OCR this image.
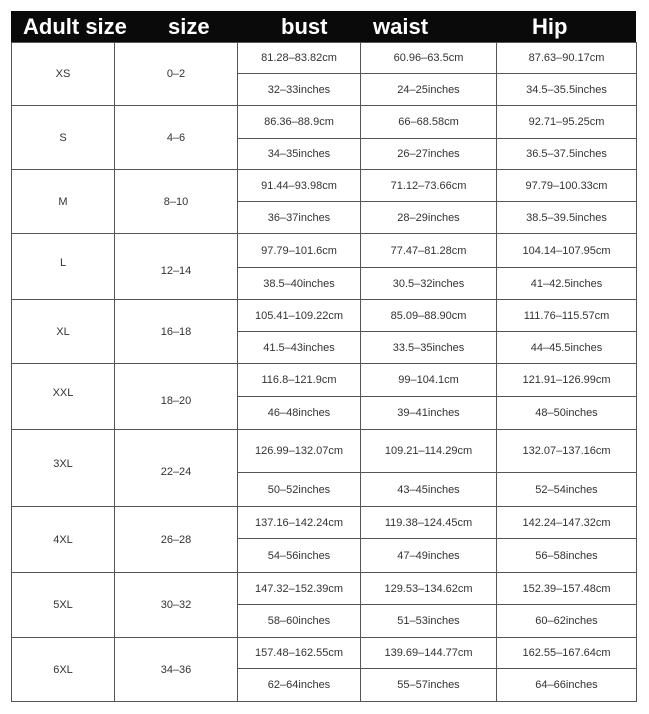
Adult size	size	bust	waist	Hip
XS	0–2	81.28–83.82cm	60.96–63.5cm	87.63–90.17cm
		32–33inches	24–25inches	34.5–35.5inches
S	4–6	86.36–88.9cm	66–68.58cm	92.71–95.25cm
		34–35inches	26–27inches	36.5–37.5inches
M	8–10	91.44–93.98cm	71.12–73.66cm	97.79–100.33cm
		36–37inches	28–29inches	38.5–39.5inches
L	12–14	97.79–101.6cm	77.47–81.28cm	104.14–107.95cm
		38.5–40inches	30.5–32inches	41–42.5inches
XL	16–18	105.41–109.22cm	85.09–88.90cm	111.76–115.57cm
		41.5–43inches	33.5–35inches	44–45.5inches
XXL	18–20	116.8–121.9cm	99–104.1cm	121.91–126.99cm
		46–48inches	39–41inches	48–50inches
3XL	22–24	126.99–132.07cm	109.21–114.29cm	132.07–137.16cm
		50–52inches	43–45inches	52–54inches
4XL	26–28	137.16–142.24cm	119.38–124.45cm	142.24–147.32cm
		54–56inches	47–49inches	56–58inches
5XL	30–32	147.32–152.39cm	129.53–134.62cm	152.39–157.48cm
		58–60inches	51–53inches	60–62inches
6XL	34–36	157.48–162.55cm	139.69–144.77cm	162.55–167.64cm
		62–64inches	55–57inches	64–66inches
